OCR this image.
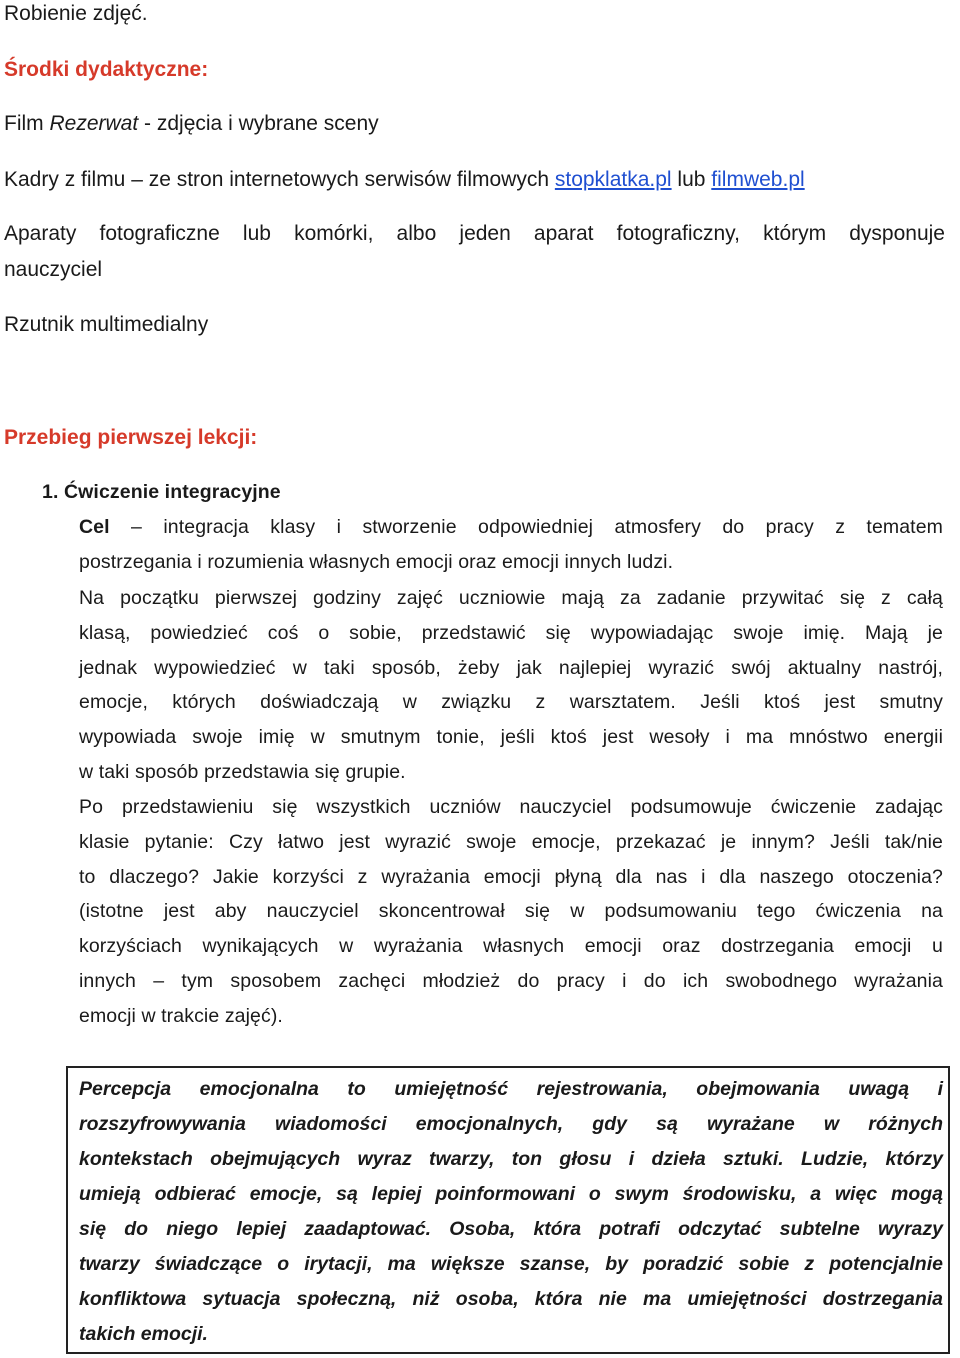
Robienie zdjęć.

Środki dydaktyczne:

Film Rezerwat - zdjęcia i wybrane sceny

Kadry z filmu – ze stron internetowych serwisów filmowych stopklatka.pl lub filmweb.pl

Aparaty fotograficzne lub komórki, albo jeden aparat fotograficzny, którym dysponuje

nauczyciel

Rzutnik multimedialny

Przebieg pierwszej lekcji:

1. Ćwiczenie integracyjne

Cel – integracja klasy i stworzenie odpowiedniej atmosfery do pracy z tematem

postrzegania i rozumienia własnych emocji oraz emocji innych ludzi.

Na początku pierwszej godziny zajęć uczniowie mają za zadanie przywitać się z całą

klasą, powiedzieć coś o sobie, przedstawić się wypowiadając swoje imię. Mają je

jednak wypowiedzieć w taki sposób, żeby jak najlepiej wyrazić swój aktualny nastrój,

emocje, których doświadczają w związku z warsztatem. Jeśli ktoś jest smutny

wypowiada swoje imię w smutnym tonie, jeśli ktoś jest wesoły i ma mnóstwo energii

w taki sposób przedstawia się grupie.

Po przedstawieniu się wszystkich uczniów nauczyciel podsumowuje ćwiczenie zadając

klasie pytanie: Czy łatwo jest wyrazić swoje emocje, przekazać je innym? Jeśli tak/nie

to dlaczego? Jakie korzyści z wyrażania emocji płyną dla nas i dla naszego otoczenia?

(istotne jest aby nauczyciel skoncentrował się w podsumowaniu tego ćwiczenia na

korzyściach wynikających w wyrażania własnych emocji oraz dostrzegania emocji u

innych – tym sposobem zachęci młodzież do pracy i do ich swobodnego wyrażania

emocji w trakcie zajęć).

Percepcja emocjonalna to umiejętność rejestrowania, obejmowania uwagą i

rozszyfrowywania wiadomości emocjonalnych, gdy są wyrażane w różnych

kontekstach obejmujących wyraz twarzy, ton głosu i dzieła sztuki. Ludzie, którzy

umieją odbierać emocje, są lepiej poinformowani o swym środowisku, a więc mogą

się do niego lepiej zaadaptować. Osoba, która potrafi odczytać subtelne wyrazy

twarzy świadczące o irytacji, ma większe szanse, by poradzić sobie z potencjalnie

konfliktowa sytuacja społeczną, niż osoba, która nie ma umiejętności dostrzegania

takich emocji.
